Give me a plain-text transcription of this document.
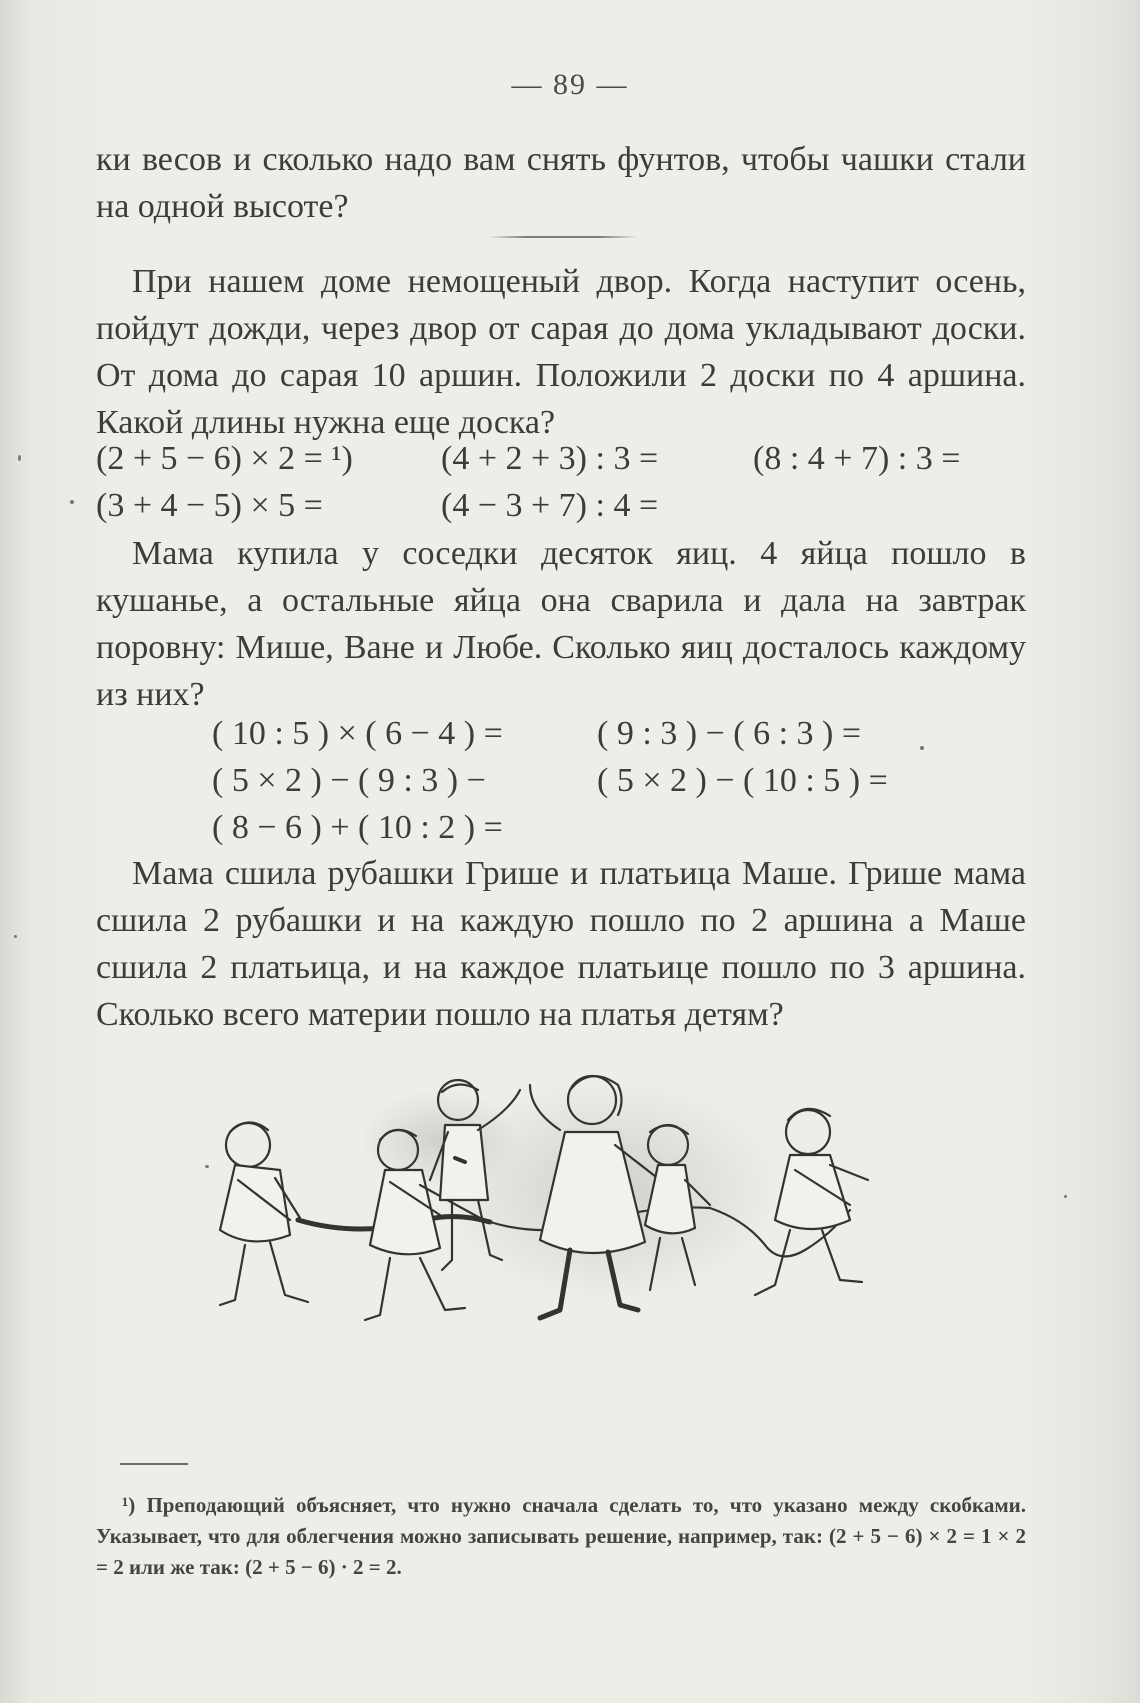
— 89 —

ки весов и сколько надо вам снять фунтов, чтобы чашки стали на одной высоте?

При нашем доме немощеный двор. Когда наступит осень, пойдут дожди, через двор от сарая до дома укладывают доски. От дома до сарая 10 аршин. Положили 2 доски по 4 аршина. Какой длины нужна еще доска?

(2 + 5 − 6) × 2 = ¹)	(4 + 2 + 3) : 3 =	(8 : 4 + 7) : 3 =
(3 + 4 − 5) × 5 =	(4 − 3 + 7) : 4 =

Мама купила у соседки десяток яиц. 4 яйца пошло в кушанье, а остальные яйца она сварила и дала на завтрак поровну: Мише, Ване и Любе. Сколько яиц досталось каждому из них?

( 10 : 5 ) × ( 6 − 4 ) =	( 9 : 3 ) − ( 6 : 3 ) =
( 5 × 2 ) − ( 9 : 3 ) −	( 5 × 2 ) − ( 10 : 5 ) =
( 8 − 6 ) + ( 10 : 2 ) =

Мама сшила рубашки Грише и платьица Маше. Грише мама сшила 2 рубашки и на каждую пошло по 2 аршина а Маше сшила 2 платьица, и на каждое платьице пошло по 3 аршина. Сколько всего материи пошло на платья детям?

¹) Преподающий объясняет, что нужно сначала сделать то, что указано между скобками. Указывает, что для облегчения можно записывать решение, например, так: (2 + 5 − 6) × 2 = 1 × 2 = 2 или же так: (2 + 5 − 6) · 2 = 2.
